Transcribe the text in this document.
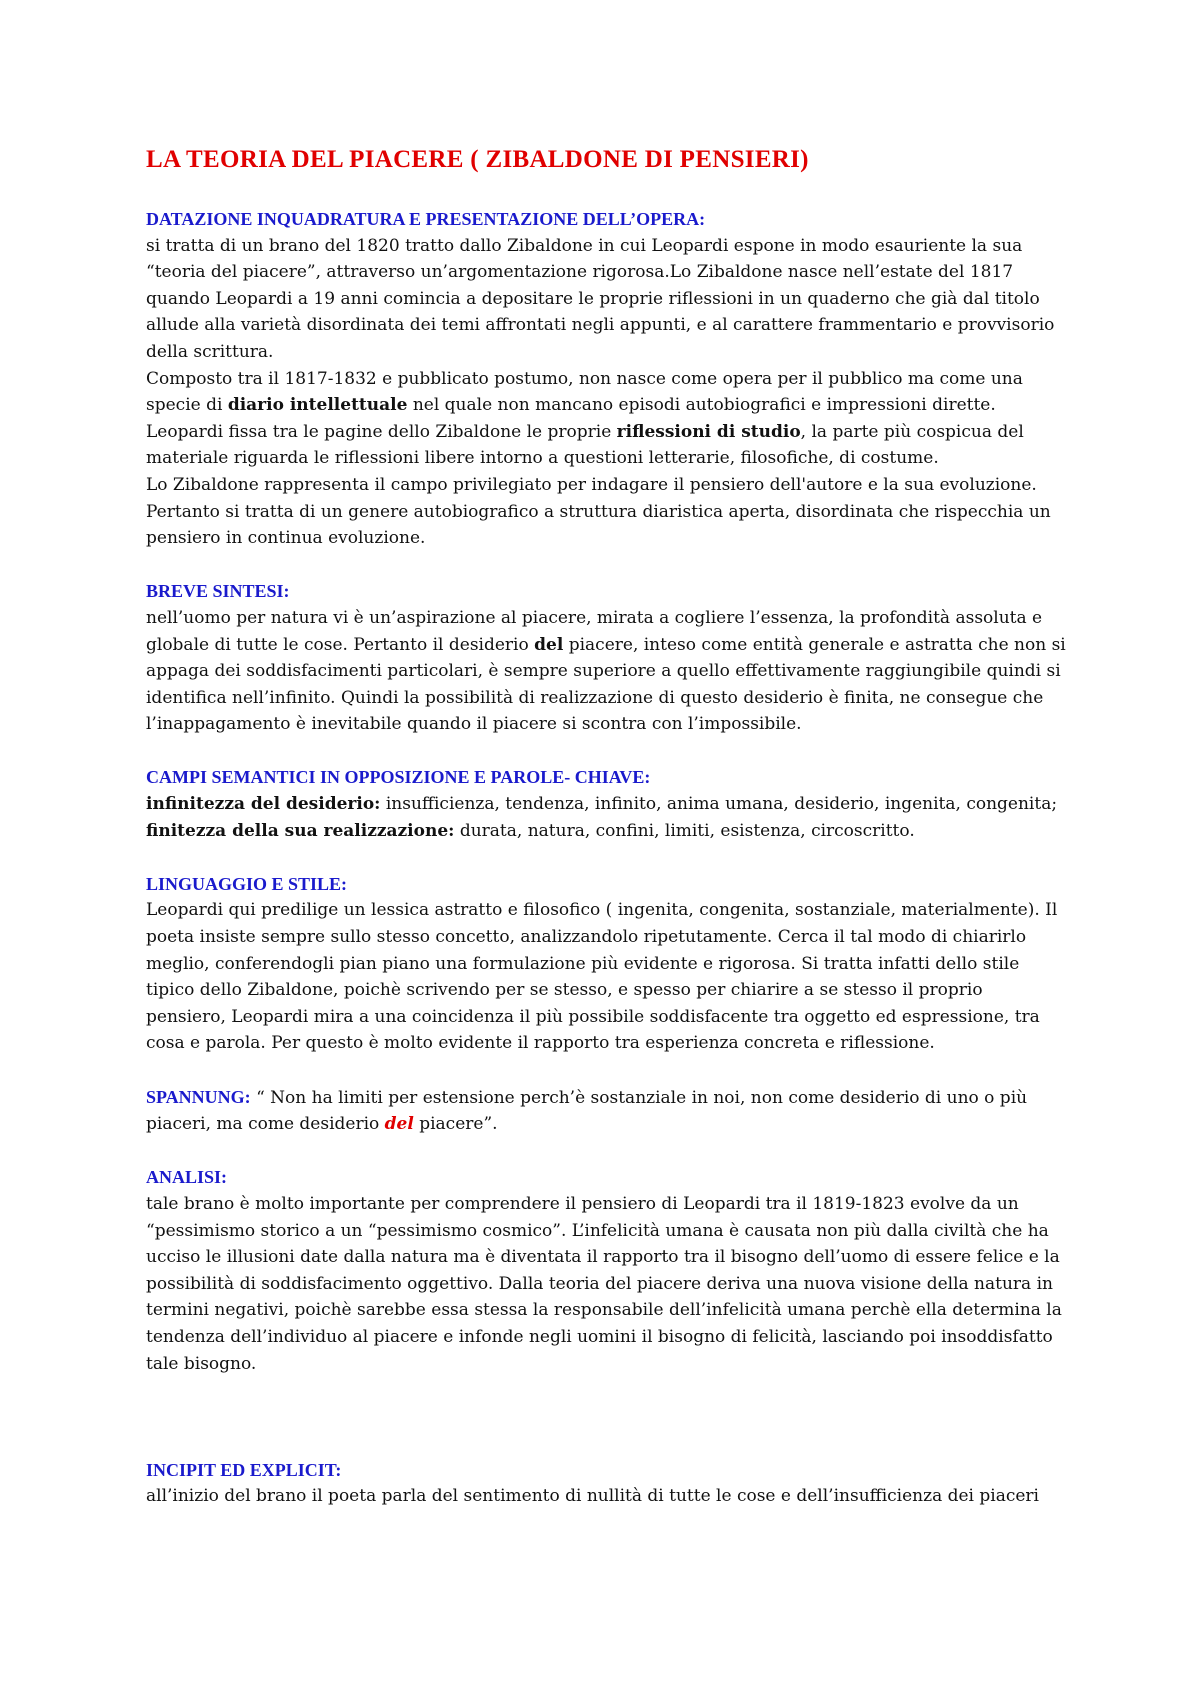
LA TEORIA DEL PIACERE ( ZIBALDONE DI PENSIERI)
DATAZIONE INQUADRATURA E PRESENTAZIONE DELL’OPERA:

si tratta di un brano del 1820 tratto dallo Zibaldone in cui Leopardi espone in modo esauriente la sua “teoria del piacere”, attraverso un’argomentazione rigorosa.Lo Zibaldone nasce nell’estate del 1817 quando Leopardi a 19 anni comincia a depositare le proprie riflessioni in un quaderno che già dal titolo allude alla varietà disordinata dei temi affrontati negli appunti, e al carattere frammentario e provvisorio della scrittura.

Composto tra il 1817-1832 e pubblicato postumo, non nasce come opera per il pubblico ma come una specie di diario intellettuale nel quale non mancano episodi autobiografici e impressioni dirette.

Leopardi fissa tra le pagine dello Zibaldone le proprie riflessioni di studio, la parte più cospicua del materiale riguarda le riflessioni libere intorno a questioni letterarie, filosofiche, di costume.

Lo Zibaldone rappresenta il campo privilegiato per indagare il pensiero dell'autore e la sua evoluzione.

Pertanto si tratta di un genere autobiografico a struttura diaristica aperta, disordinata che rispecchia un pensiero in continua evoluzione.

BREVE SINTESI:

nell’uomo per natura vi è un’aspirazione al piacere, mirata a cogliere l’essenza, la profondità assoluta e globale di tutte le cose. Pertanto il desiderio del piacere, inteso come entità generale e astratta che non si appaga dei soddisfacimenti particolari, è sempre superiore a quello effettivamente raggiungibile quindi si identifica nell’infinito. Quindi la possibilità di realizzazione di questo desiderio è finita, ne consegue che l’inappagamento è inevitabile quando il piacere si scontra con l’impossibile.

CAMPI SEMANTICI IN OPPOSIZIONE E PAROLE- CHIAVE:

infinitezza del desiderio: insufficienza, tendenza, infinito, anima umana, desiderio, ingenita, congenita;

finitezza della sua realizzazione: durata, natura, confini, limiti, esistenza, circoscritto.

LINGUAGGIO E STILE:

Leopardi qui predilige un lessica astratto e filosofico ( ingenita, congenita, sostanziale, materialmente). Il poeta insiste sempre sullo stesso concetto, analizzandolo ripetutamente. Cerca il tal modo di chiarirlo meglio, conferendogli pian piano una formulazione più evidente e rigorosa. Si tratta infatti dello stile tipico dello Zibaldone, poichè scrivendo per se stesso, e spesso per chiarire a se stesso il proprio pensiero, Leopardi mira a una coincidenza il più possibile soddisfacente tra oggetto ed espressione, tra cosa e parola. Per questo è molto evidente il rapporto tra esperienza concreta e riflessione.

SPANNUNG: “ Non ha limiti per estensione perch’è sostanziale in noi, non come desiderio di uno o più piaceri, ma come desiderio del piacere”.

ANALISI:

tale brano è molto importante per comprendere il pensiero di Leopardi tra il 1819-1823 evolve da un “pessimismo storico a un “pessimismo cosmico”. L’infelicità umana è causata non più dalla civiltà che ha ucciso le illusioni date dalla natura ma è diventata il rapporto tra il bisogno dell’uomo di essere felice e la possibilità di soddisfacimento oggettivo. Dalla teoria del piacere deriva una nuova visione della natura in termini negativi, poichè sarebbe essa stessa la responsabile dell’infelicità umana perchè ella determina la tendenza dell’individuo al piacere e infonde negli uomini il bisogno di felicità, lasciando poi insoddisfatto tale bisogno.

INCIPIT ED EXPLICIT:

all’inizio del brano il poeta parla del sentimento di nullità di tutte le cose e dell’insufficienza dei piaceri
